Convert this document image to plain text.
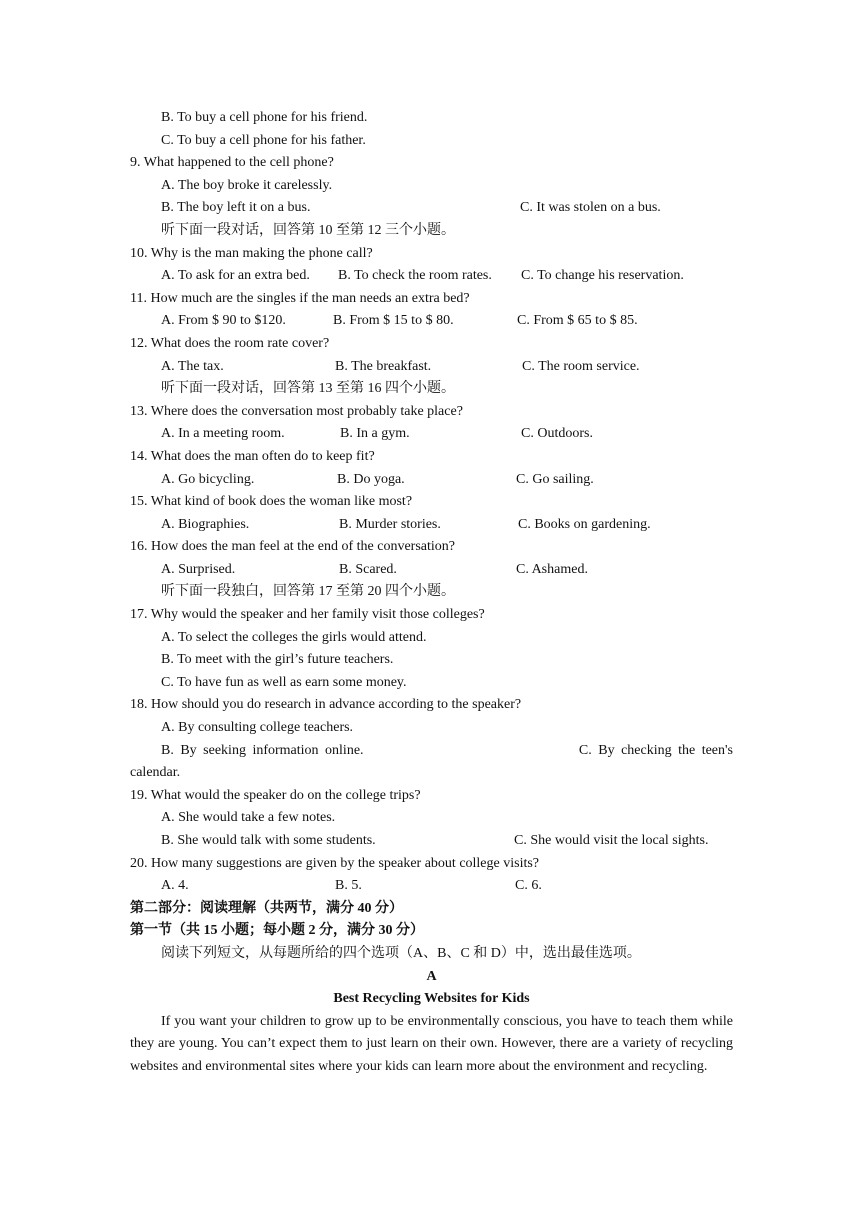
B. To buy a cell phone for his friend.
C. To buy a cell phone for his father.
9. What happened to the cell phone?
A. The boy broke it carelessly.
B. The boy left it on a bus.	C. It was stolen on a bus.
听下面一段对话，回答第 10 至第 12 三个小题。
10. Why is the man making the phone call?
A. To ask for an extra bed. B. To check the room rates. C. To change his reservation.
11. How much are the singles if the man needs an extra bed?
A. From $ 90 to $120.	B. From $ 15 to $ 80.	C. From $ 65 to $ 85.
12. What does the room rate cover?
A. The tax.	B. The breakfast.	C. The room service.
听下面一段对话，回答第 13 至第 16 四个小题。
13. Where does the conversation most probably take place?
A. In a meeting room.	B. In a gym.	C. Outdoors.
14. What does the man often do to keep fit?
A. Go bicycling.	B. Do yoga.	C. Go sailing.
15. What kind of book does the woman like most?
A. Biographies.	B. Murder stories.	C. Books on gardening.
16. How does the man feel at the end of the conversation?
A. Surprised.	B. Scared.	C. Ashamed.
听下面一段独白，回答第 17 至第 20 四个小题。
17. Why would the speaker and her family visit those colleges?
A. To select the colleges the girls would attend.
B. To meet with the girl’s future teachers.
C. To have fun as well as earn some money.
18. How should you do research in advance according to the speaker?
A. By consulting college teachers.
B. By seeking information online.	C. By checking the teen's
calendar.
19. What would the speaker do on the college trips?
A. She would take a few notes.
B. She would talk with some students.	C. She would visit the local sights.
20. How many suggestions are given by the speaker about college visits?
A. 4.	B. 5.	C. 6.
第二部分：阅读理解（共两节，满分 40 分）
第一节（共 15 小题；每小题 2 分，满分 30 分）
阅读下列短文，从每题所给的四个选项（A、B、C 和 D）中，选出最佳选项。
A
Best Recycling Websites for Kids
If you want your children to grow up to be environmentally conscious, you have to teach them while they are young. You can’t expect them to just learn on their own. However, there are a variety of recycling websites and environmental sites where your kids can learn more about the environment and recycling.
